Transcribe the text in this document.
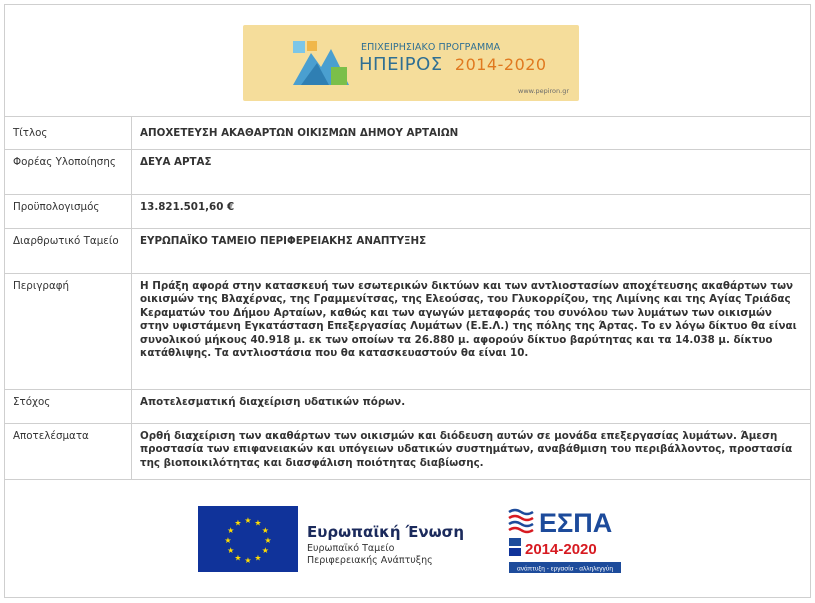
ΕΠΙΧΕΙΡΗΣΙΑΚΟ ΠΡΟΓΡΑΜΜΑ
ΗΠΕΙΡΟΣ 2014-2020
www.pepiron.gr
Τίτλος	ΑΠΟΧΕΤΕΥΣΗ ΑΚΑΘΑΡΤΩΝ ΟΙΚΙΣΜΩΝ ΔΗΜΟΥ ΑΡΤΑΙΩΝ

Φορέας Υλοποίησης	ΔΕΥΑ ΑΡΤΑΣ

Προϋπολογισμός	13.821.501,60 €

Διαρθρωτικό Ταμείο	ΕΥΡΩΠΑΪΚΟ ΤΑΜΕΙΟ ΠΕΡΙΦΕΡΕΙΑΚΗΣ ΑΝΑΠΤΥΞΗΣ

Περιγραφή	Η Πράξη αφορά στην κατασκευή των εσωτερικών δικτύων και των αντλιοστασίων αποχέτευσης ακαθάρτων των οικισμών της Βλαχέρνας, της Γραμμενίτσας, της Ελεούσας, του Γλυκορρίζου, της Λιμίνης και της Αγίας Τριάδας Κεραματών του Δήμου Αρταίων, καθώς και των αγωγών μεταφοράς του συνόλου των λυμάτων των οικισμών στην υφιστάμενη Εγκατάσταση Επεξεργασίας Λυμάτων (Ε.Ε.Λ.) της πόλης της Άρτας. Το εν λόγω δίκτυο θα είναι συνολικού μήκους 40.918 μ. εκ των οποίων τα 26.880 μ. αφορούν δίκτυο βαρύτητας και τα 14.038 μ. δίκτυο κατάθλιψης. Τα αντλιοστάσια που θα κατασκευαστούν θα είναι 10.

Στόχος	Αποτελεσματική διαχείριση υδατικών πόρων.

Αποτελέσματα	Ορθή διαχείριση των ακαθάρτων των οικισμών και διόδευση αυτών σε μονάδα επεξεργασίας λυμάτων. Άμεση προστασία των επιφανειακών και υπόγειων υδατικών συστημάτων, αναβάθμιση του περιβάλλοντος, προστασία της βιοποικιλότητας και διασφάλιση ποιότητας διαβίωσης.
★ ★
★
★
★
★
★
★
★
★
★
★	Ευρωπαϊκή Ένωση
Ευρωπαϊκό Ταμείο
Περιφερειακής Ανάπτυξης
ΕΣΠΑ
2014-2020
ανάπτυξη - εργασία - αλληλεγγύη
